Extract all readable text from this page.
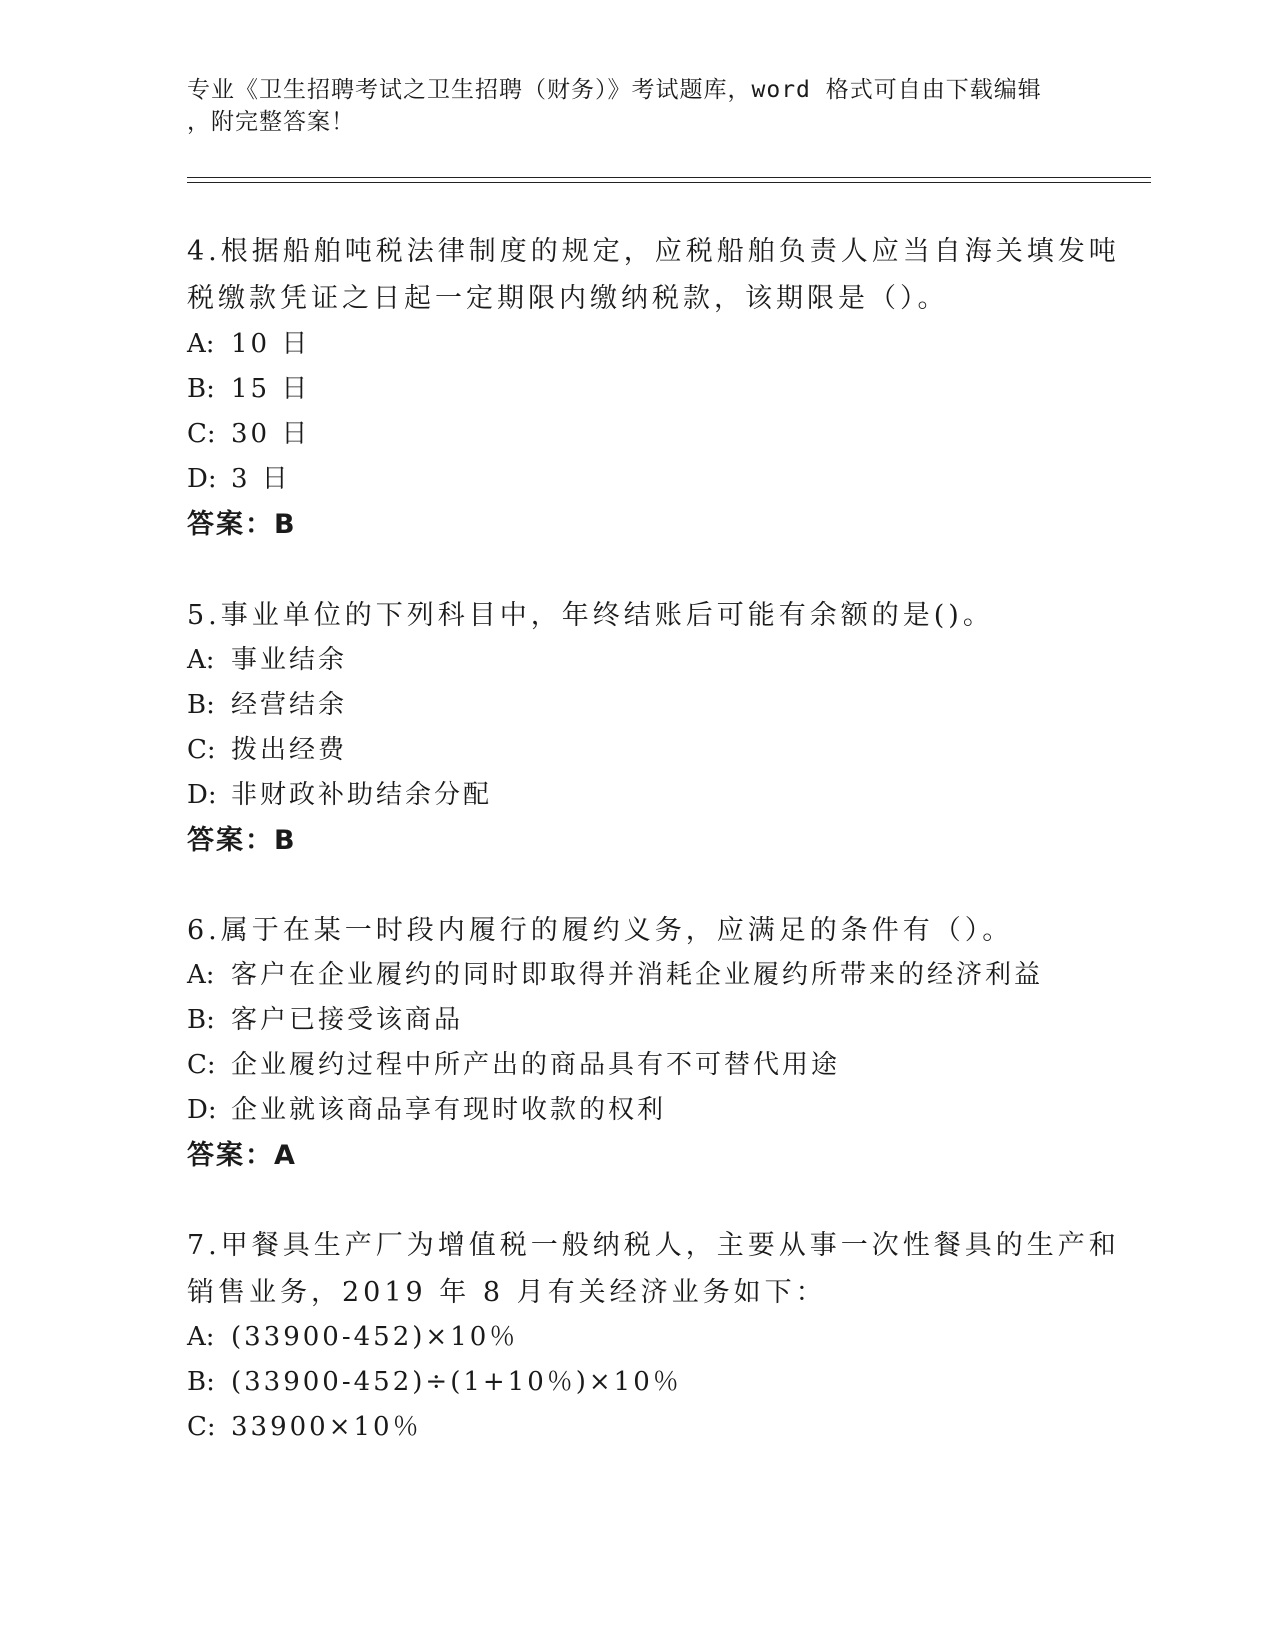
专业《卫生招聘考试之卫生招聘（财务）》考试题库，word 格式可自由下载编辑
，附完整答案！
4.根据船舶吨税法律制度的规定，应税船舶负责人应当自海关填发吨
税缴款凭证之日起一定期限内缴纳税款，该期限是（）。
A: 10 日
B: 15 日
C: 30 日
D: 3 日
答案：B
5.事业单位的下列科目中，年终结账后可能有余额的是()。
A: 事业结余
B: 经营结余
C: 拨出经费
D: 非财政补助结余分配
答案：B
6.属于在某一时段内履行的履约义务，应满足的条件有（）。
A: 客户在企业履约的同时即取得并消耗企业履约所带来的经济利益
B: 客户已接受该商品
C: 企业履约过程中所产出的商品具有不可替代用途
D: 企业就该商品享有现时收款的权利
答案：A
7.甲餐具生产厂为增值税一般纳税人，主要从事一次性餐具的生产和
销售业务，2019 年 8 月有关经济业务如下：
A: (33900-452)×10％
B: (33900-452)÷(1+10％)×10％
C: 33900×10％
